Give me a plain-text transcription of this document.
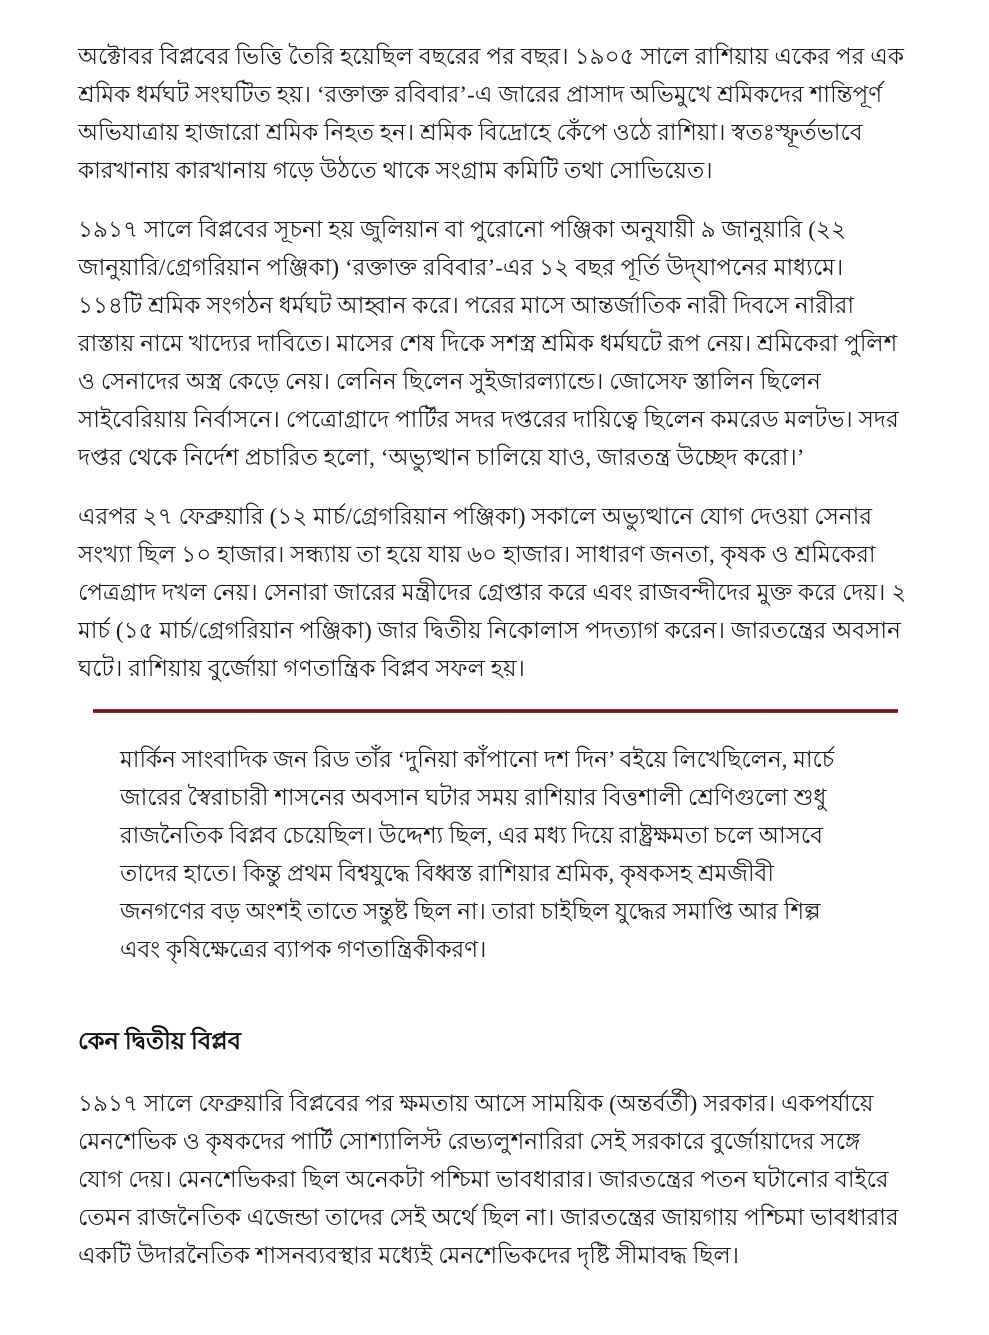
অক্টোবর বিপ্লবের ভিত্তি তৈরি হয়েছিল বছরের পর বছর। ১৯০৫ সালে রাশিয়ায় একের পর এক শ্রমিক ধর্মঘট সংঘটিত হয়। ‘রক্তাক্ত রবিবার’-এ জারের প্রাসাদ অভিমুখে শ্রমিকদের শান্তিপূর্ণ অভিযাত্রায় হাজারো শ্রমিক নিহত হন। শ্রমিক বিদ্রোহে কেঁপে ওঠে রাশিয়া। স্বতঃস্ফূর্তভাবে কারখানায় কারখানায় গড়ে উঠতে থাকে সংগ্রাম কমিটি তথা সোভিয়েত।

১৯১৭ সালে বিপ্লবের সূচনা হয় জুলিয়ান বা পুরোনো পঞ্জিকা অনুযায়ী ৯ জানুয়ারি (২২ জানুয়ারি/গ্রেগরিয়ান পঞ্জিকা) ‘রক্তাক্ত রবিবার’-এর ১২ বছর পূর্তি উদ্‌যাপনের মাধ্যমে। ১১৪টি শ্রমিক সংগঠন ধর্মঘট আহ্বান করে। পরের মাসে আন্তর্জাতিক নারী দিবসে নারীরা রাস্তায় নামে খাদ্যের দাবিতে। মাসের শেষ দিকে সশস্ত্র শ্রমিক ধর্মঘটে রূপ নেয়। শ্রমিকেরা পুলিশ ও সেনাদের অস্ত্র কেড়ে নেয়। লেনিন ছিলেন সুইজারল্যান্ডে। জোসেফ স্তালিন ছিলেন সাইবেরিয়ায় নির্বাসনে। পেত্রোগ্রাদে পার্টির সদর দপ্তরের দায়িত্বে ছিলেন কমরেড মলটভ। সদর দপ্তর থেকে নির্দেশ প্রচারিত হলো, ‘অভ্যুত্থান চালিয়ে যাও, জারতন্ত্র উচ্ছেদ করো।’

এরপর ২৭ ফেব্রুয়ারি (১২ মার্চ/গ্রেগরিয়ান পঞ্জিকা) সকালে অভ্যুত্থানে যোগ দেওয়া সেনার সংখ্যা ছিল ১০ হাজার। সন্ধ্যায় তা হয়ে যায় ৬০ হাজার। সাধারণ জনতা, কৃষক ও শ্রমিকেরা পেত্রগ্রাদ দখল নেয়। সেনারা জারের মন্ত্রীদের গ্রেপ্তার করে এবং রাজবন্দীদের মুক্ত করে দেয়। ২ মার্চ (১৫ মার্চ/গ্রেগরিয়ান পঞ্জিকা) জার দ্বিতীয় নিকোলাস পদত্যাগ করেন। জারতন্ত্রের অবসান ঘটে। রাশিয়ায় বুর্জোয়া গণতান্ত্রিক বিপ্লব সফল হয়।

মার্কিন সাংবাদিক জন রিড তাঁর ‘দুনিয়া কাঁপানো দশ দিন’ বইয়ে লিখেছিলেন, মার্চে জারের স্বৈরাচারী শাসনের অবসান ঘটার সময় রাশিয়ার বিত্তশালী শ্রেণিগুলো শুধু রাজনৈতিক বিপ্লব চেয়েছিল। উদ্দেশ্য ছিল, এর মধ্য দিয়ে রাষ্ট্রক্ষমতা চলে আসবে তাদের হাতে। কিন্তু প্রথম বিশ্বযুদ্ধে বিধ্বস্ত রাশিয়ার শ্রমিক, কৃষকসহ শ্রমজীবী জনগণের বড় অংশই তাতে সন্তুষ্ট ছিল না। তারা চাইছিল যুদ্ধের সমাপ্তি আর শিল্প এবং কৃষিক্ষেত্রের ব্যাপক গণতান্ত্রিকীকরণ।
কেন দ্বিতীয় বিপ্লব

১৯১৭ সালে ফেব্রুয়ারি বিপ্লবের পর ক্ষমতায় আসে সাময়িক (অন্তর্বর্তী) সরকার। একপর্যায়ে মেনশেভিক ও কৃষকদের পার্টি সোশ্যালিস্ট রেভ্যলুশনারিরা সেই সরকারে বুর্জোয়াদের সঙ্গে যোগ দেয়। মেনশেভিকরা ছিল অনেকটা পশ্চিমা ভাবধারার। জারতন্ত্রের পতন ঘটানোর বাইরে তেমন রাজনৈতিক এজেন্ডা তাদের সেই অর্থে ছিল না। জারতন্ত্রের জায়গায় পশ্চিমা ভাবধারার একটি উদারনৈতিক শাসনব্যবস্থার মধ্যেই মেনশেভিকদের দৃষ্টি সীমাবদ্ধ ছিল।
